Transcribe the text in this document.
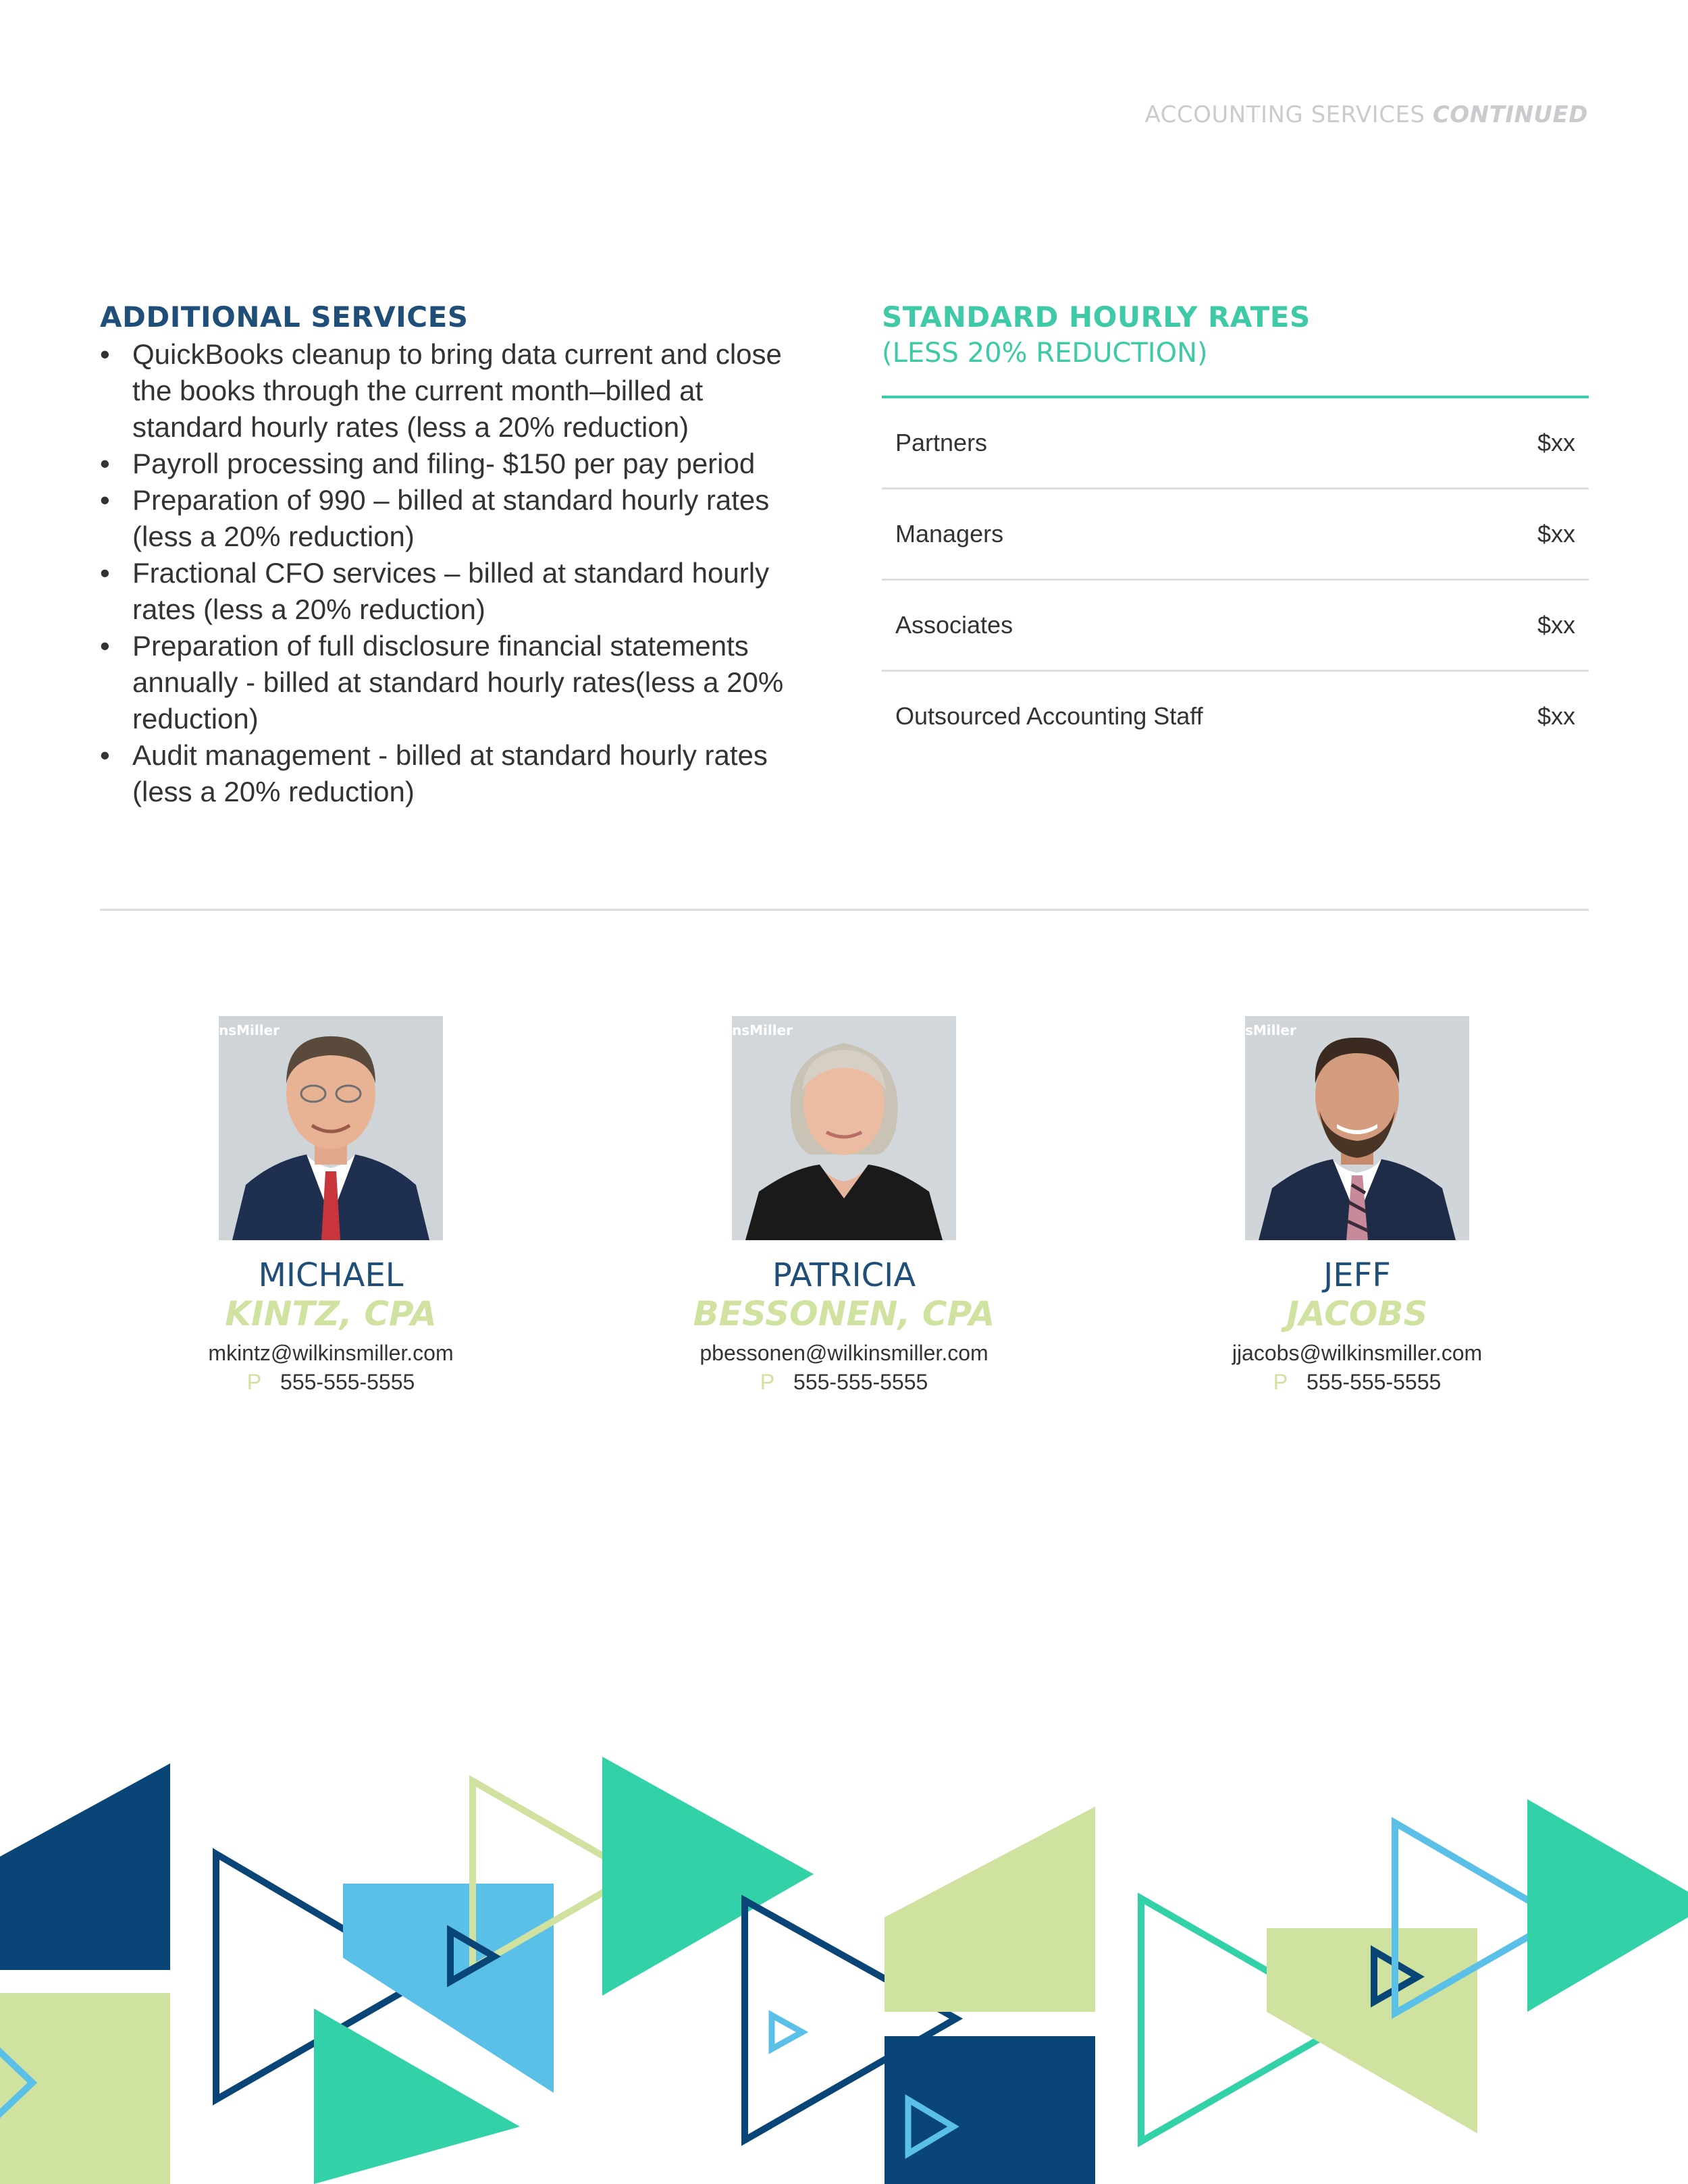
ACCOUNTING SERVICES CONTINUED
ADDITIONAL SERVICES
• QuickBooks cleanup to bring data current and close the books through the current month–billed at standard hourly rates (less a 20% reduction)
• Payroll processing and filing- $150 per pay period
• Preparation of 990 – billed at standard hourly rates (less a 20% reduction)
• Fractional CFO services – billed at standard hourly rates (less a 20% reduction)
• Preparation of full disclosure financial statements annually - billed at standard hourly rates(less a 20% reduction)
• Audit management - billed at standard hourly rates (less a 20% reduction)
STANDARD HOURLY RATES
(LESS 20% REDUCTION)
Partners	$xx
Managers	$xx
Associates	$xx
Outsourced Accounting Staff	$xx
nsMiller
MICHAEL
KINTZ, CPA
mkintz@wilkinsmiller.com
P 555-555-5555
nsMiller
PATRICIA
BESSONEN, CPA
pbessonen@wilkinsmiller.com
P 555-555-5555
sMiller
JEFF
JACOBS
jjacobs@wilkinsmiller.com
P 555-555-5555
